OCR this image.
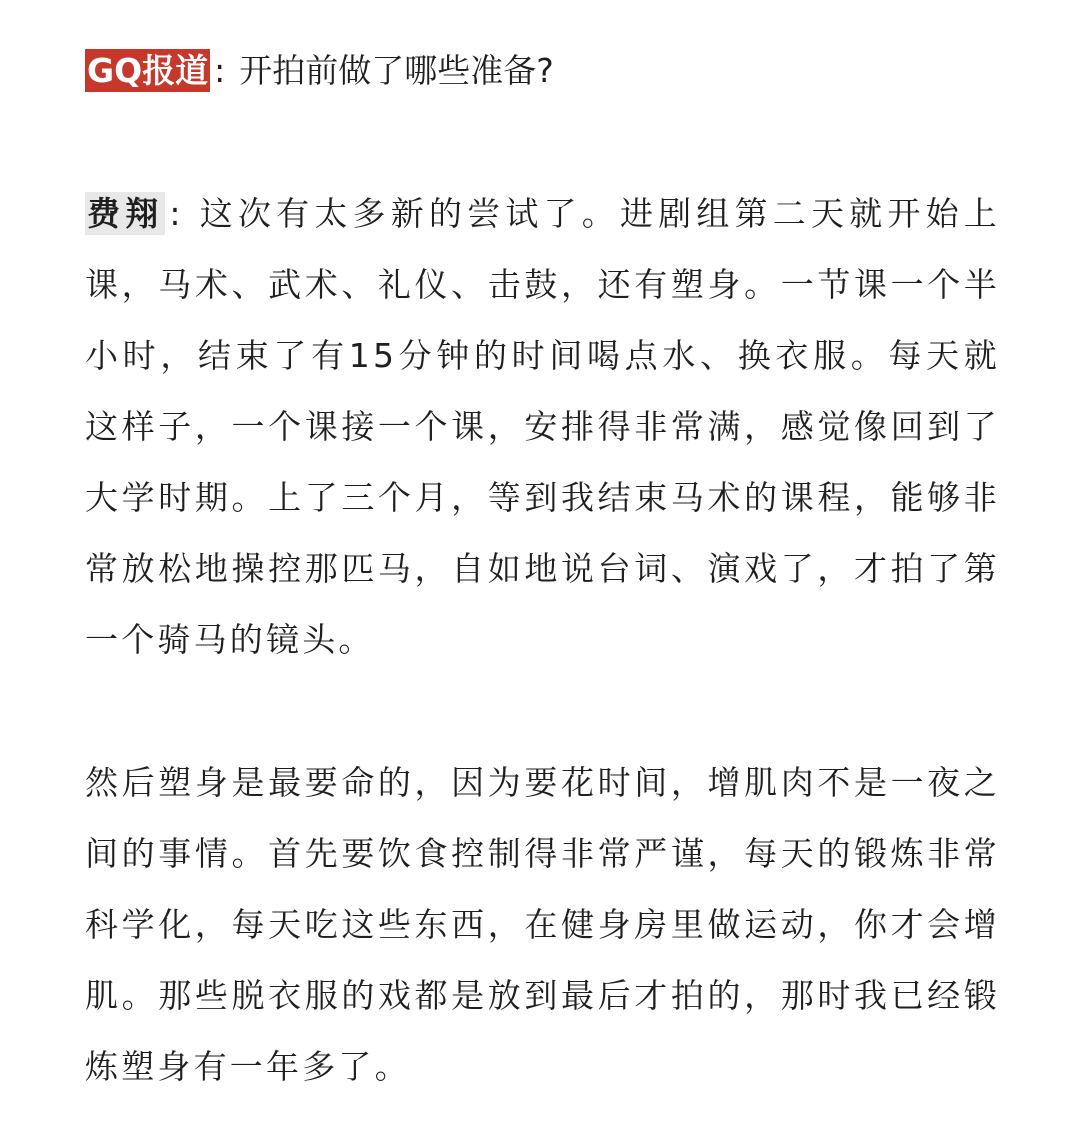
GQ报道 : 开拍前做了哪些准备?

费翔 : 这次有太多新的尝试了。进剧组第二天就开始上课，马术、武术、礼仪、击鼓，还有塑身。一节课一个半小时，结束了有15分钟的时间喝点水、换衣服。每天就这样子，一个课接一个课，安排得非常满，感觉像回到了大学时期。上了三个月，等到我结束马术的课程，能够非常放松地操控那匹马，自如地说台词、演戏了，才拍了第一个骑马的镜头。

然后塑身是最要命的，因为要花时间，增肌肉不是一夜之间的事情。首先要饮食控制得非常严谨，每天的锻炼非常科学化，每天吃这些东西，在健身房里做运动，你才会增肌。那些脱衣服的戏都是放到最后才拍的，那时我已经锻炼塑身有一年多了。
